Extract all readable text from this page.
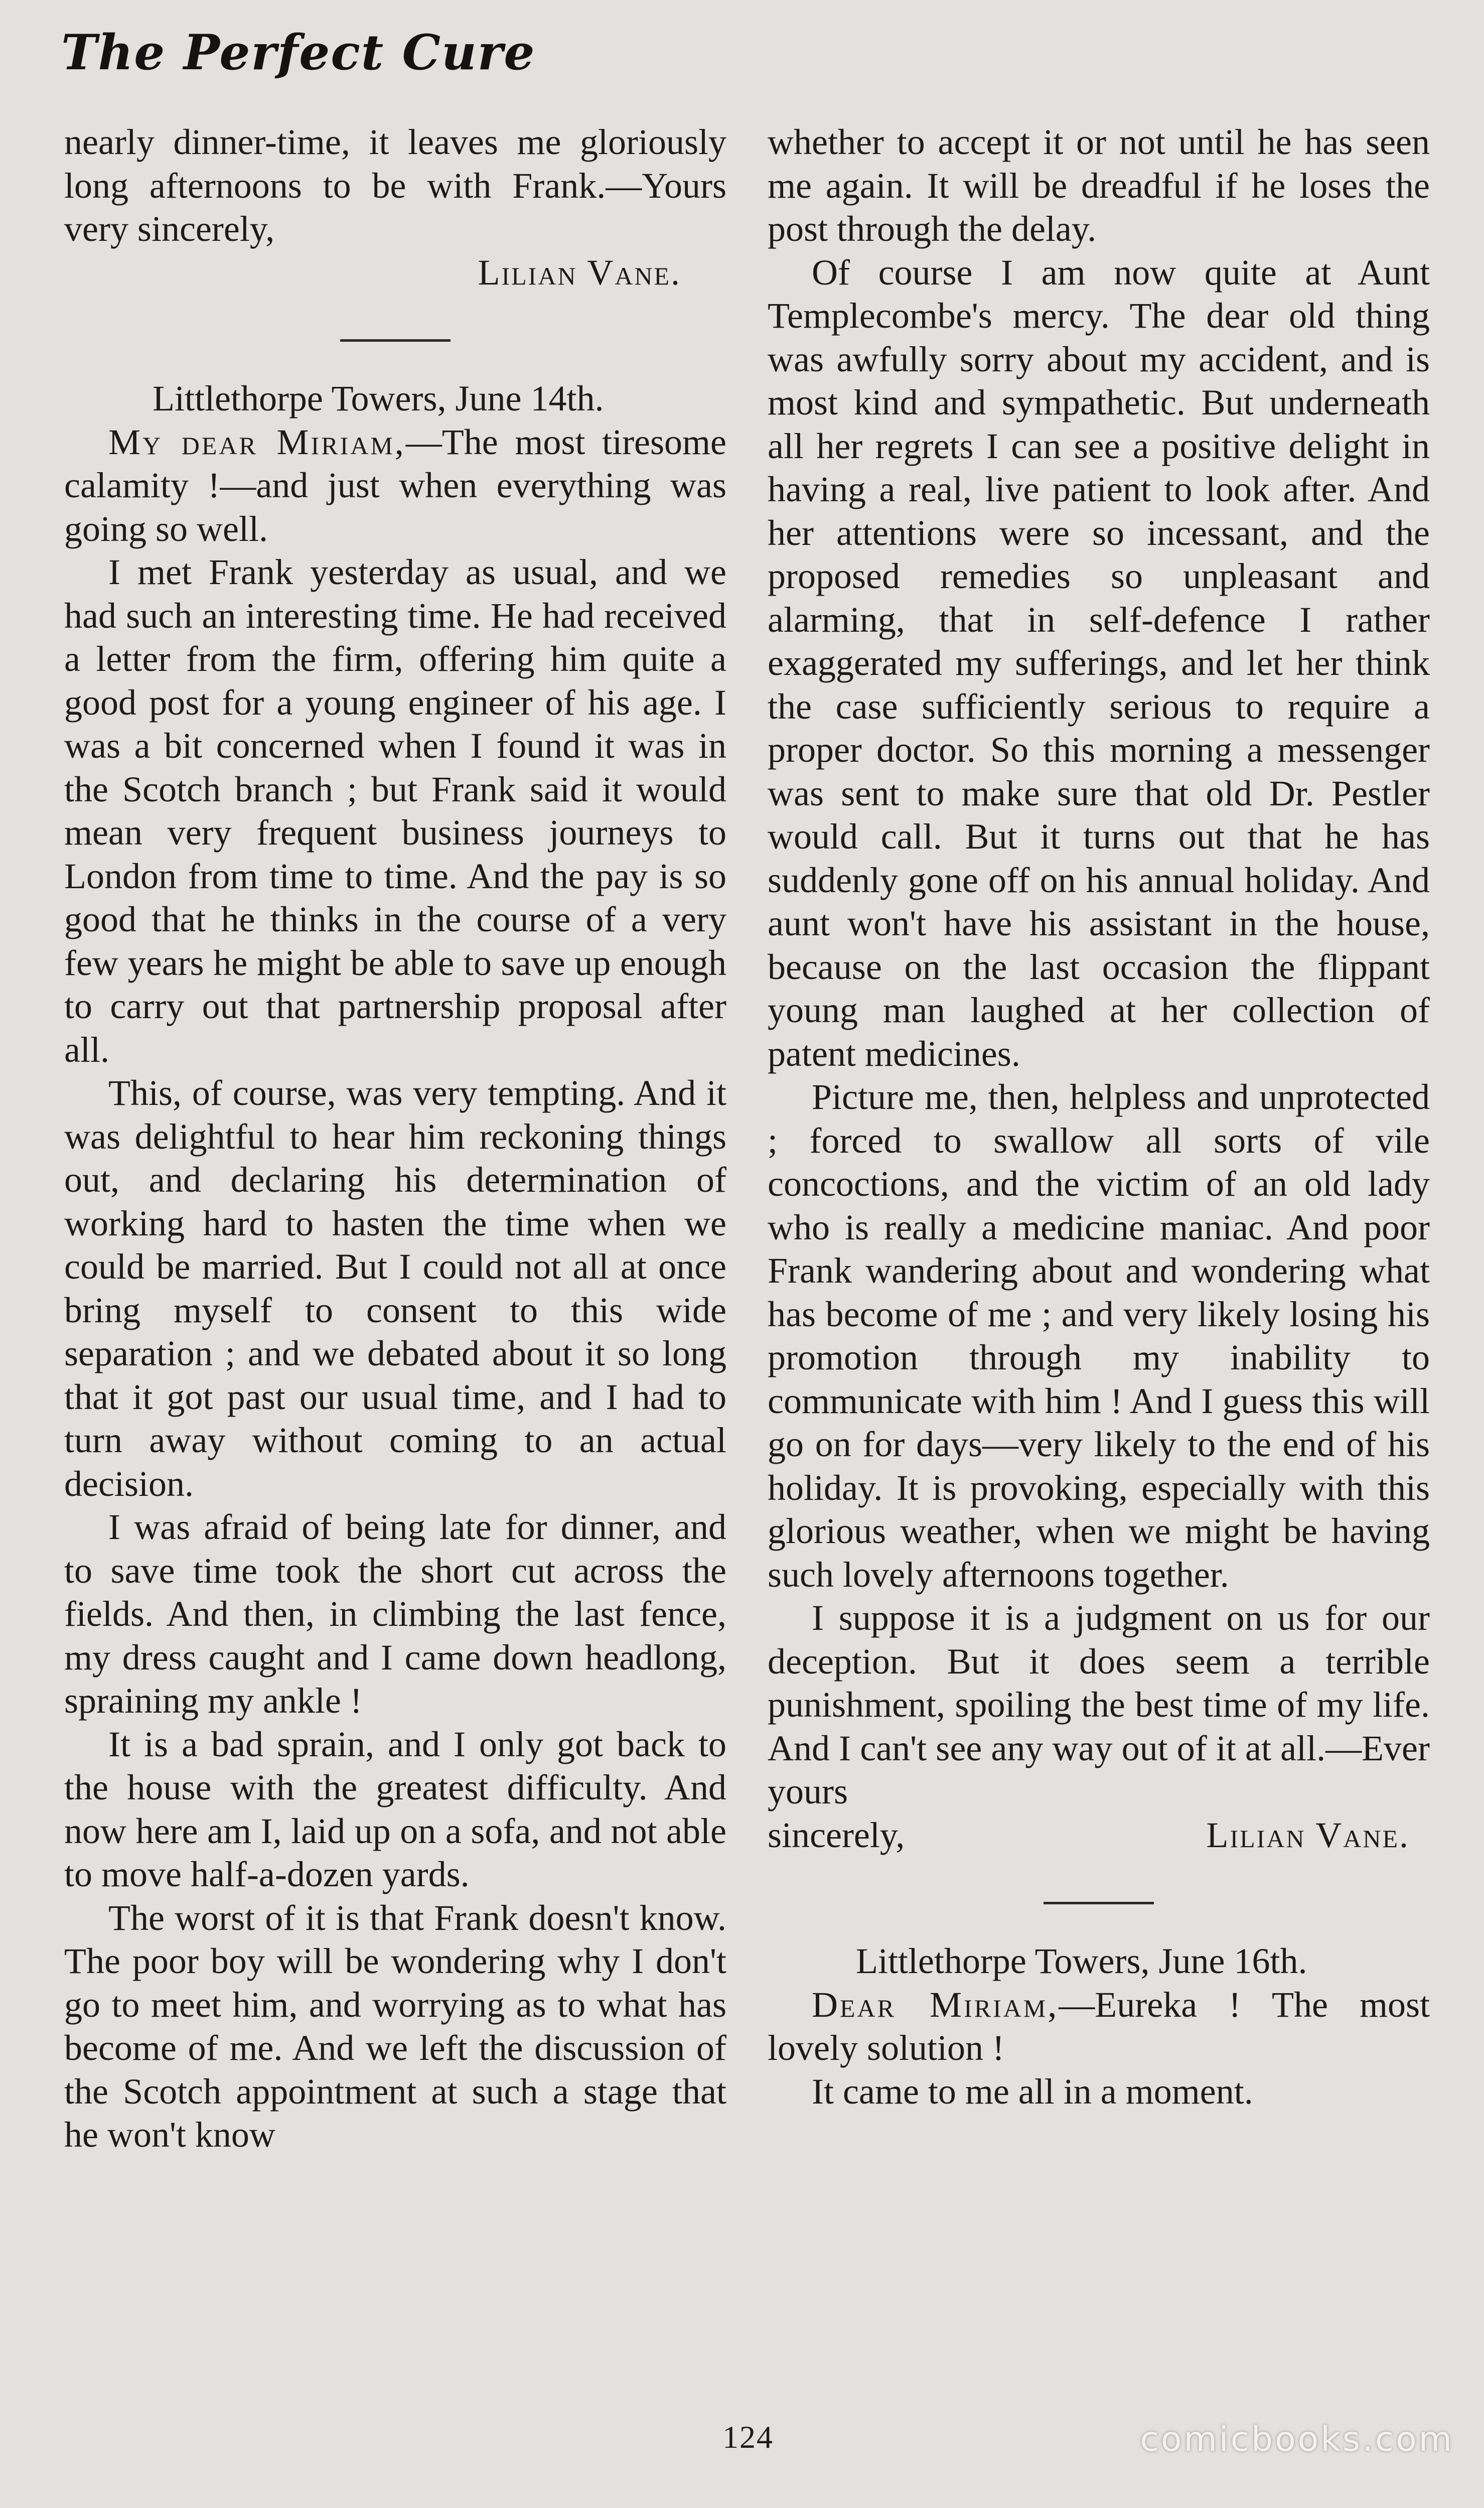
The Perfect Cure

nearly dinner-time, it leaves me gloriously long afternoons to be with Frank.—Yours very sincerely,

Lilian Vane.

Littlethorpe Towers, June 14th.

My dear Miriam,—The most tiresome calamity !—and just when everything was going so well.

I met Frank yesterday as usual, and we had such an interesting time. He had received a letter from the firm, offering him quite a good post for a young engineer of his age. I was a bit concerned when I found it was in the Scotch branch ; but Frank said it would mean very frequent business journeys to London from time to time. And the pay is so good that he thinks in the course of a very few years he might be able to save up enough to carry out that partnership proposal after all.

This, of course, was very tempting. And it was delightful to hear him reckoning things out, and declaring his determination of working hard to hasten the time when we could be married. But I could not all at once bring myself to consent to this wide separation ; and we debated about it so long that it got past our usual time, and I had to turn away without coming to an actual decision.

I was afraid of being late for dinner, and to save time took the short cut across the fields. And then, in climbing the last fence, my dress caught and I came down headlong, spraining my ankle !

It is a bad sprain, and I only got back to the house with the greatest difficulty. And now here am I, laid up on a sofa, and not able to move half-a-dozen yards.

The worst of it is that Frank doesn't know. The poor boy will be wondering why I don't go to meet him, and worrying as to what has become of me. And we left the discussion of the Scotch appointment at such a stage that he won't know

whether to accept it or not until he has seen me again. It will be dreadful if he loses the post through the delay.

Of course I am now quite at Aunt Templecombe's mercy. The dear old thing was awfully sorry about my accident, and is most kind and sympathetic. But underneath all her regrets I can see a positive delight in having a real, live patient to look after. And her attentions were so incessant, and the proposed remedies so unpleasant and alarming, that in self-defence I rather exaggerated my sufferings, and let her think the case sufficiently serious to require a proper doctor. So this morning a messenger was sent to make sure that old Dr. Pestler would call. But it turns out that he has suddenly gone off on his annual holiday. And aunt won't have his assistant in the house, because on the last occasion the flippant young man laughed at her collection of patent medicines.

Picture me, then, helpless and unprotected ; forced to swallow all sorts of vile concoctions, and the victim of an old lady who is really a medicine maniac. And poor Frank wandering about and wondering what has become of me ; and very likely losing his promotion through my inability to communicate with him ! And I guess this will go on for days—very likely to the end of his holiday. It is provoking, especially with this glorious weather, when we might be having such lovely afternoons together.

I suppose it is a judgment on us for our deception. But it does seem a terrible punishment, spoiling the best time of my life. And I can't see any way out of it at all.—Ever yours

sincerely,	Lilian Vane.

Littlethorpe Towers, June 16th.

Dear Miriam,—Eureka ! The most lovely solution !

It came to me all in a moment.

124	comicbooks.com
